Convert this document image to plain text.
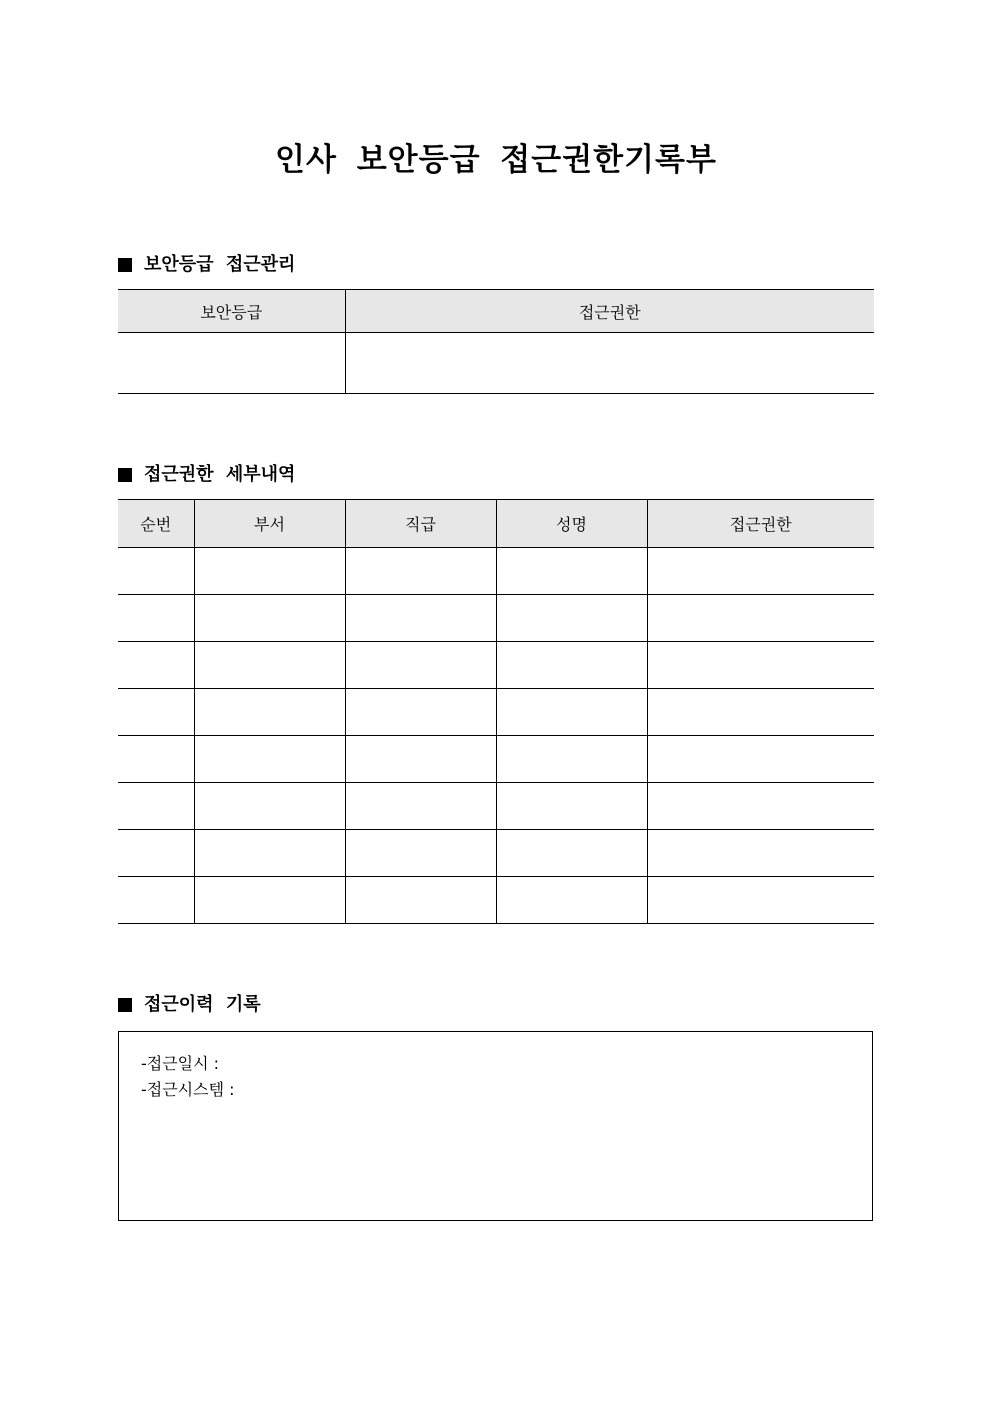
인사 보안등급 접근권한기록부
보안등급 접근관리
보안등급	접근권한

접근권한 세부내역
순번	부서	직급	성명	접근권한

접근이력 기록
-접근일시 :
-접근시스템 :
